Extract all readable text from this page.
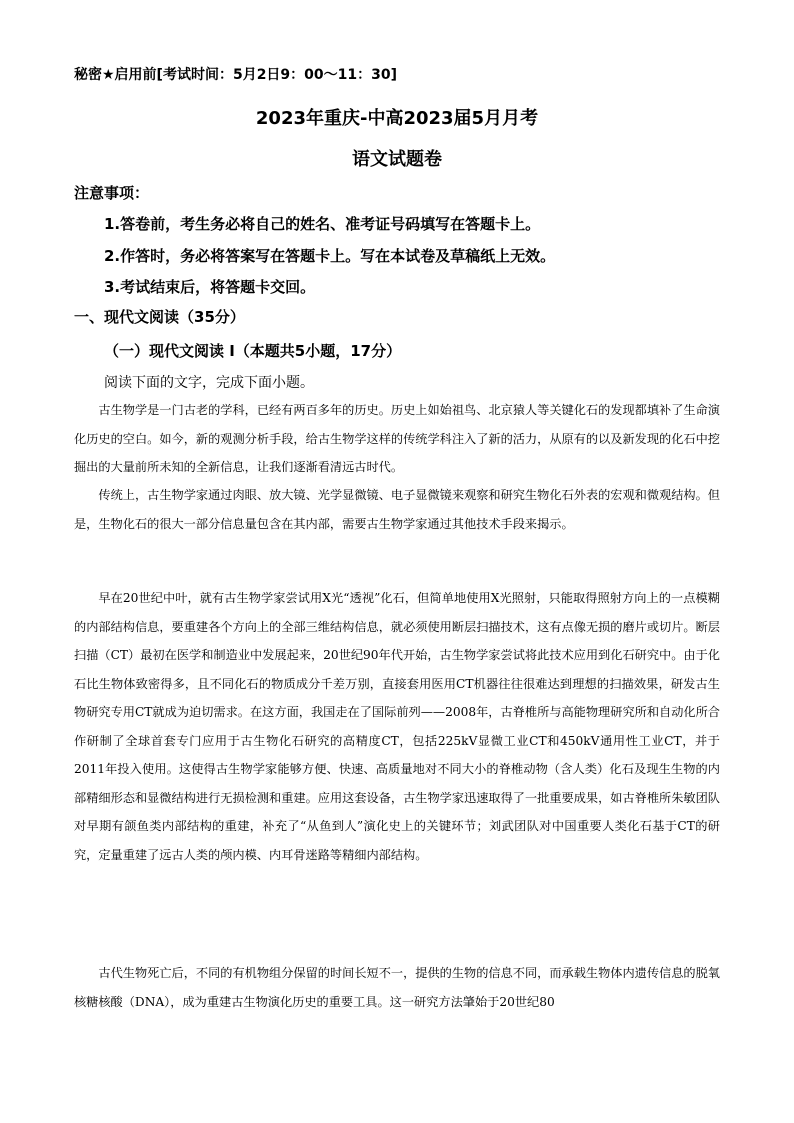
秘密★启用前[考试时间：5月2日9：00～11：30]
2023年重庆-中高2023届5月月考
语文试题卷
注意事项：
1.答卷前，考生务必将自己的姓名、准考证号码填写在答题卡上。
2.作答时，务必将答案写在答题卡上。写在本试卷及草稿纸上无效。
3.考试结束后，将答题卡交回。
一、现代文阅读（35分）
（一）现代文阅读 I（本题共5小题，17分）
阅读下面的文字，完成下面小题。

古生物学是一门古老的学科，已经有两百多年的历史。历史上如始祖鸟、北京猿人等关键化石的发现都填补了生命演化历史的空白。如今，新的观测分析手段，给古生物学这样的传统学科注入了新的活力，从原有的以及新发现的化石中挖掘出的大量前所未知的全新信息，让我们逐渐看清远古时代。

传统上，古生物学家通过肉眼、放大镜、光学显微镜、电子显微镜来观察和研究生物化石外表的宏观和微观结构。但是，生物化石的很大一部分信息量包含在其内部，需要古生物学家通过其他技术手段来揭示。

早在20世纪中叶，就有古生物学家尝试用X光“透视”化石，但简单地使用X光照射，只能取得照射方向上的一点模糊的内部结构信息，要重建各个方向上的全部三维结构信息，就必须使用断层扫描技术，这有点像无损的磨片或切片。断层扫描（CT）最初在医学和制造业中发展起来，20世纪90年代开始，古生物学家尝试将此技术应用到化石研究中。由于化石比生物体致密得多，且不同化石的物质成分千差万别，直接套用医用CT机器往往很难达到理想的扫描效果，研发古生物研究专用CT就成为迫切需求。在这方面，我国走在了国际前列——2008年，古脊椎所与高能物理研究所和自动化所合作研制了全球首套专门应用于古生物化石研究的高精度CT，包括225kV显微工业CT和450kV通用性工业CT，并于2011年投入使用。这使得古生物学家能够方便、快速、高质量地对不同大小的脊椎动物（含人类）化石及现生生物的内部精细形态和显微结构进行无损检测和重建。应用这套设备，古生物学家迅速取得了一批重要成果，如古脊椎所朱敏团队对早期有颌鱼类内部结构的重建，补充了“从鱼到人”演化史上的关键环节；刘武团队对中国重要人类化石基于CT的研究，定量重建了远古人类的颅内模、内耳骨迷路等精细内部结构。

古代生物死亡后，不同的有机物组分保留的时间长短不一，提供的生物的信息不同，而承载生物体内遗传信息的脱氧核糖核酸（DNA），成为重建古生物演化历史的重要工具。这一研究方法肇始于20世纪80
